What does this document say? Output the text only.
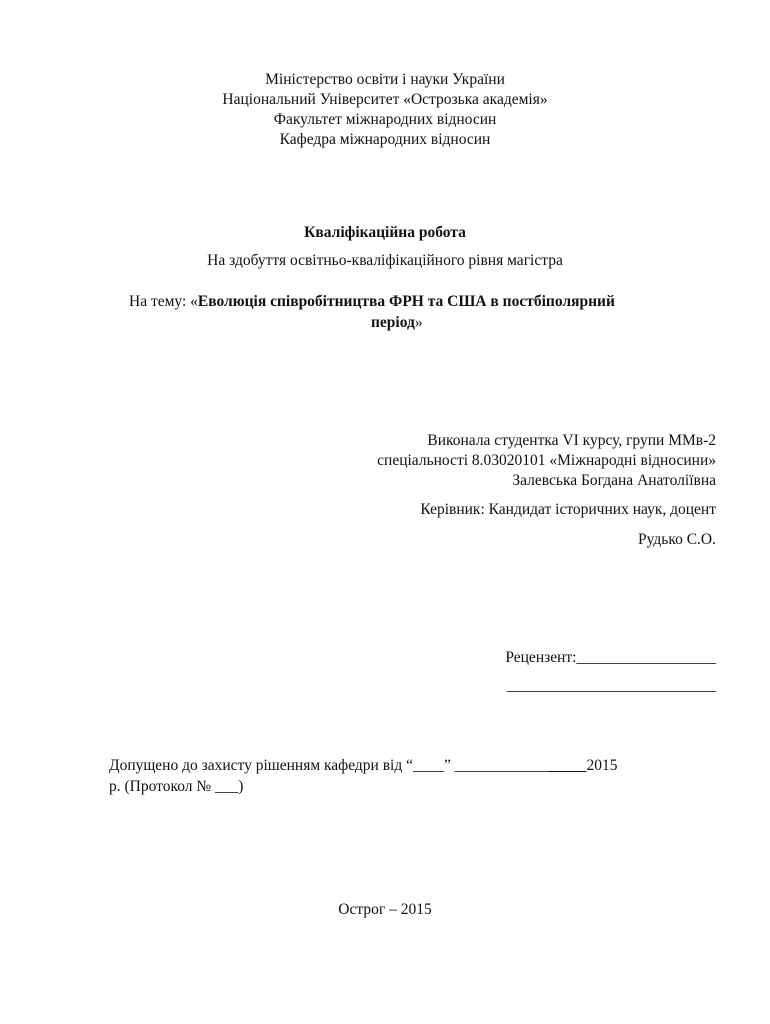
Міністерство освіти і науки України
Національний Університет «Острозька академія»
Факультет міжнародних відносин
Кафедра міжнародних відносин
Кваліфікаційна робота
На здобуття освітньо-кваліфікаційного рівня магістра
На тему: «Еволюція співробітництва ФРН та США в постбіполярний
період»
Виконала студентка VI курсу, групи ММв-2
спеціальності 8.03020101 «Міжнародні відносини»
Залевська Богдана Анатоліївна
Керівник: Кандидат історичних наук, доцент
Рудько С.О.
Рецензент:__________________
___________________________
Допущено до захисту рішенням кафедри від “____” _________________2015
р. (Протокол № ___)
Острог – 2015
